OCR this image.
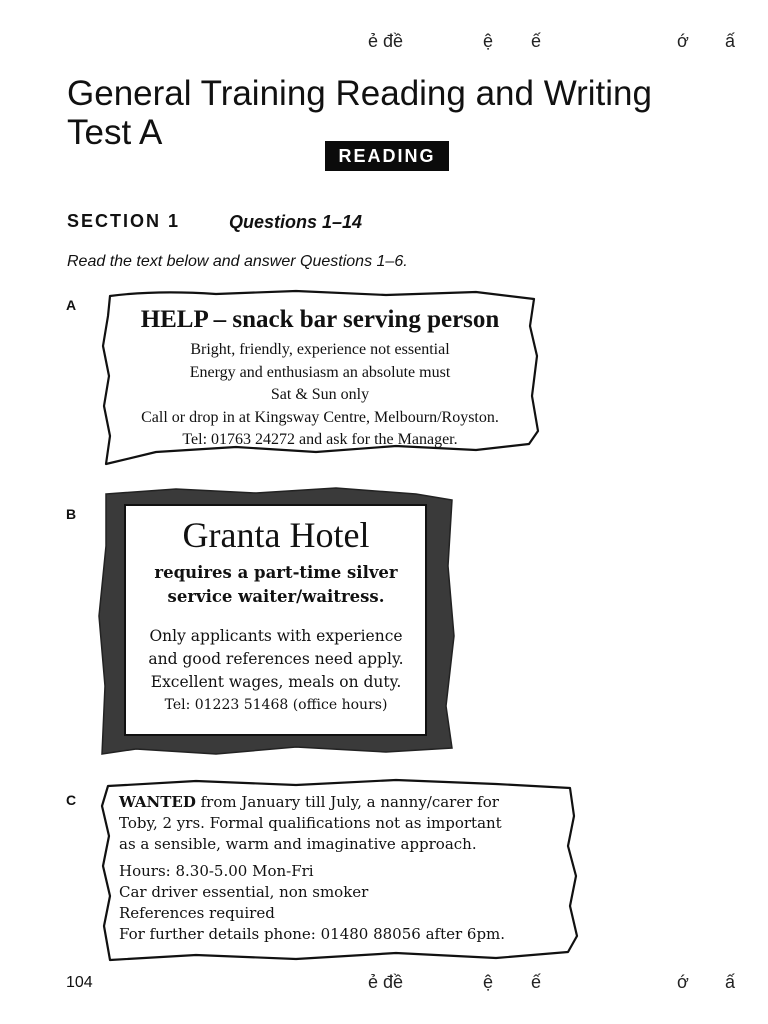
ẻ đề	ệ ế	ớ ấ
General Training Reading and Writing Test A
READING
SECTION 1	Questions 1–14
Read the text below and answer Questions 1–6.
A
HELP – snack bar serving person
Bright, friendly, experience not essential
Energy and enthusiasm an absolute must
Sat & Sun only
Call or drop in at Kingsway Centre, Melbourn/Royston.
Tel: 01763 24272 and ask for the Manager.
B
Granta Hotel
requires a part-time silver
service waiter/waitress.
Only applicants with experience
and good references need apply.
Excellent wages, meals on duty.
Tel: 01223 51468 (office hours)
C	WANTED from January till July, a nanny/carer for
Toby, 2 yrs. Formal qualifications not as important
as a sensible, warm and imaginative approach.
Hours: 8.30-5.00 Mon-Fri
Car driver essential, non smoker
References required
For further details phone: 01480 88056 after 6pm.
104	ẻ đề	ệ ế	ớ ấ
